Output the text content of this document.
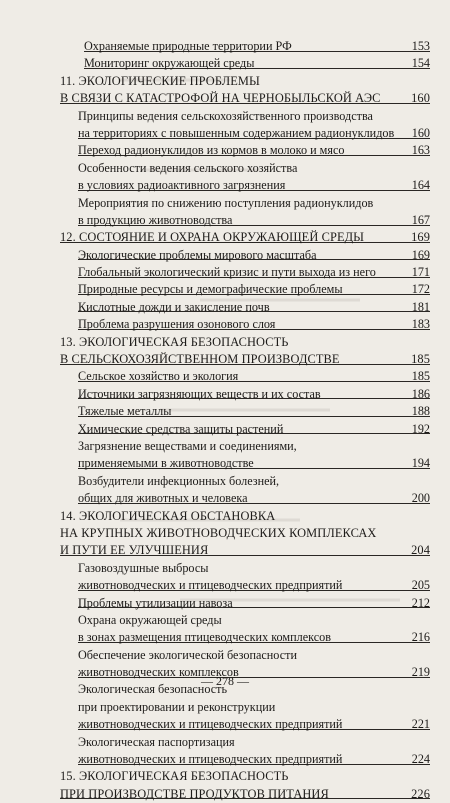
Охраняемые природные территории РФ	153
Мониторинг окружающей среды	154
11. ЭКОЛОГИЧЕСКИЕ ПРОБЛЕМЫ
В СВЯЗИ С КАТАСТРОФОЙ НА ЧЕРНОБЫЛЬСКОЙ АЭС 160
Принципы ведения сельскохозяйственного производства
на территориях с повышенным содержанием радионуклидов 160
Переход радионуклидов из кормов в молоко и мясо	163
Особенности ведения сельского хозяйства
в условиях радиоактивного загрязнения	164
Мероприятия по снижению поступления радионуклидов
в продукцию животноводства	167
12. СОСТОЯНИЕ И ОХРАНА ОКРУЖАЮЩЕЙ СРЕДЫ	169
Экологические проблемы мирового масштаба	169
Глобальный экологический кризис и пути выхода из него	171
Природные ресурсы и демографические проблемы	172
Кислотные дожди и закисление почв	181
Проблема разрушения озонового слоя	183
13. ЭКОЛОГИЧЕСКАЯ БЕЗОПАСНОСТЬ
В СЕЛЬСКОХОЗЯЙСТВЕННОМ ПРОИЗВОДСТВЕ	185
Сельское хозяйство и экология	185
Источники загрязняющих веществ и их состав	186
Тяжелые металлы	188
Химические средства защиты растений	192
Загрязнение веществами и соединениями,
применяемыми в животноводстве	194
Возбудители инфекционных болезней,
общих для животных и человека	200
14. ЭКОЛОГИЧЕСКАЯ ОБСТАНОВКА
НА КРУПНЫХ ЖИВОТНОВОДЧЕСКИХ КОМПЛЕКСАХ
И ПУТИ ЕЕ УЛУЧШЕНИЯ	204
Газовоздушные выбросы
животноводческих и птицеводческих предприятий	205
Проблемы утилизации навоза	212
Охрана окружающей среды
в зонах размещения птицеводческих комплексов	216
Обеспечение экологической безопасности
животноводческих комплексов	219
Экологическая безопасность
при проектировании и реконструкции
животноводческих и птицеводческих предприятий	221
Экологическая паспортизация
животноводческих и птицеводческих предприятий	224
15. ЭКОЛОГИЧЕСКАЯ БЕЗОПАСНОСТЬ
ПРИ ПРОИЗВОДСТВЕ ПРОДУКТОВ ПИТАНИЯ	226
— 278 —
